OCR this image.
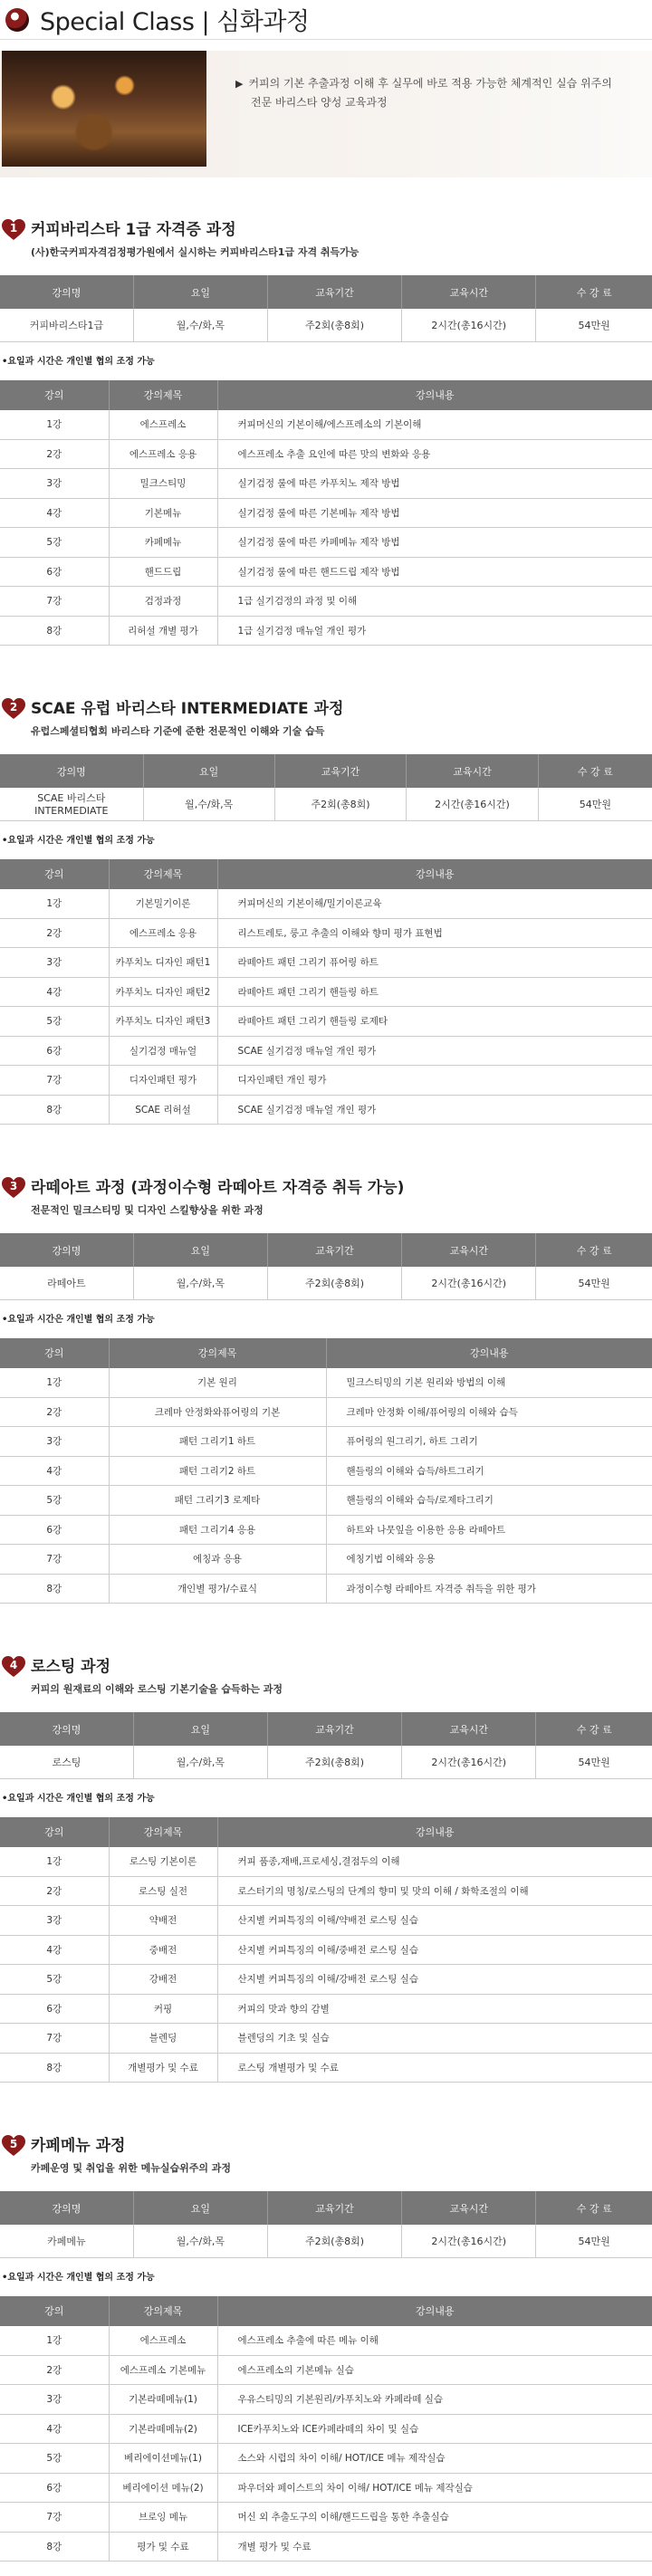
Special Class | 심화과정
▶ 커피의 기본 추출과정 이해 후 실무에 바로 적용 가능한 체계적인 실습 위주의
전문 바리스타 양성 교육과정
1 커피바리스타 1급 자격증 과정
(사)한국커피자격검정평가원에서 실시하는 커피바리스타1급 자격 취득가능
강의명	요일	교육기간	교육시간	수 강 료
커피바리스타1급	월,수/화,목	주2회(총8회)	2시간(총16시간)	54만원
•요일과 시간은 개인별 협의 조정 가능
강의	강의제목	강의내용
1강	에스프레소	커피머신의 기본이해/에스프레소의 기본이해
2강	에스프레소 응용	에스프레소 추출 요인에 따른 맛의 변화와 응용
3강	밀크스티밍	실기검정 룰에 따른 카푸치노 제작 방법
4강	기본메뉴	실기검정 룰에 따른 기본메뉴 제작 방법
5강	카페메뉴	실기검정 룰에 따른 카페메뉴 제작 방법
6강	핸드드립	실기검정 룰에 따른 핸드드립 제작 방법
7강	검정과정	1급 실기검정의 과정 및 이해
8강	리허설 개별 평가	1급 실기검정 매뉴얼 개인 평가
2 SCAE 유럽 바리스타 INTERMEDIATE 과정
유럽스페셜티협회 바리스타 기준에 준한 전문적인 이해와 기술 습득
강의명	요일	교육기간	교육시간	수 강 료
SCAE 바리스타 INTERMEDIATE	월,수/화,목	주2회(총8회)	2시간(총16시간)	54만원
•요일과 시간은 개인별 협의 조정 가능
강의	강의제목	강의내용
1강	기본밀기이론	커피머신의 기본이해/밀기이론교육
2강	에스프레소 응용	리스트레토, 룽고 추출의 이해와 향미 평가 표현법
3강	카푸치노 디자인 패턴1	라떼아트 패턴 그리기 퓨어링 하트
4강	카푸치노 디자인 패턴2	라떼아트 패턴 그리기 핸들링 하트
5강	카푸치노 디자인 패턴3	라떼아트 패턴 그리기 핸들링 로제타
6강	실기검정 매뉴얼	SCAE 실기검정 매뉴얼 개인 평가
7강	디자인패턴 평가	디자인패턴 개인 평가
8강	SCAE 리허설	SCAE 실기검정 매뉴얼 개인 평가
3 라떼아트 과정 (과정이수형 라떼아트 자격증 취득 가능)
전문적인 밀크스티밍 및 디자인 스킬향상을 위한 과정
강의명	요일	교육기간	교육시간	수 강 료
라떼아트	월,수/화,목	주2회(총8회)	2시간(총16시간)	54만원
•요일과 시간은 개인별 협의 조정 가능
강의	강의제목	강의내용
1강	기본 원리	밀크스티밍의 기본 원리와 방법의 이해
2강	크레마 안정화와퓨어링의 기본	크레마 안정화 이해/퓨어링의 이해와 습득
3강	패턴 그리기1 하트	퓨어링의 원그리기, 하트 그리기
4강	패턴 그리기2 하트	핸들링의 이해와 습득/하트그리기
5강	패턴 그리기3 로제타	핸들링의 이해와 습득/로제타그리기
6강	패턴 그리기4 응용	하트와 나뭇잎을 이용한 응용 라떼아트
7강	에칭과 응용	에칭기법 이해와 응용
8강	개인별 평가/수료식	과정이수형 라떼아트 자격증 취득을 위한 평가
4 로스팅 과정
커피의 원재료의 이해와 로스팅 기본기술을 습득하는 과정
강의명	요일	교육기간	교육시간	수 강 료
로스팅	월,수/화,목	주2회(총8회)	2시간(총16시간)	54만원
•요일과 시간은 개인별 협의 조정 가능
강의	강의제목	강의내용
1강	로스팅 기본이론	커피 품종,재배,프로세싱,결점두의 이해
2강	로스팅 실전	로스터기의 명칭/로스팅의 단계의 향미 및 맛의 이해 / 화학조절의 이해
3강	약배전	산지별 커피특징의 이해/약배전 로스팅 실습
4강	중배전	산지별 커피특징의 이해/중배전 로스팅 실습
5강	강배전	산지별 커피특징의 이해/강배전 로스팅 실습
6강	커핑	커피의 맛과 향의 감별
7강	블렌딩	블렌딩의 기초 및 실습
8강	개별평가 및 수료	로스팅 개별평가 및 수료
5 카페메뉴 과정
카페운영 및 취업을 위한 메뉴실습위주의 과정
강의명	요일	교육기간	교육시간	수 강 료
카페메뉴	월,수/화,목	주2회(총8회)	2시간(총16시간)	54만원
•요일과 시간은 개인별 협의 조정 가능
강의	강의제목	강의내용
1강	에스프레소	에스프레소 추출에 따른 메뉴 이해
2강	에스프레소 기본메뉴	에스프레소의 기본메뉴 실습
3강	기본라떼메뉴(1)	우유스티밍의 기본원리/카푸치노와 카페라떼 실습
4강	기본라떼메뉴(2)	ICE카푸치노와 ICE카페라떼의 차이 및 실습
5강	베리에이션메뉴(1)	소스와 시럽의 차이 이해/ HOT/ICE 메뉴 제작실습
6강	베리에이션 메뉴(2)	파우더와 페이스트의 차이 이해/ HOT/ICE 메뉴 제작실습
7강	브로잉 메뉴	머신 외 추출도구의 이해/핸드드립을 통한 추출실습
8강	평가 및 수료	개별 평가 및 수료
